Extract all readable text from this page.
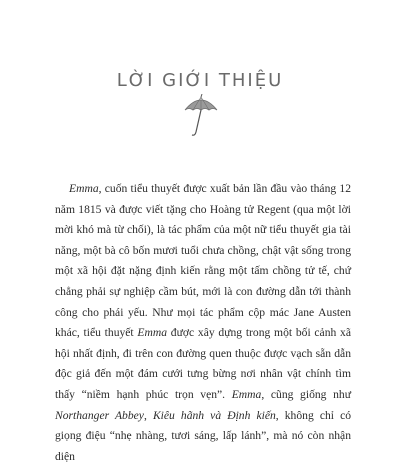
LỜI GIỚI THIỆU

Emma, cuốn tiểu thuyết được xuất bản lần đầu vào tháng 12 năm 1815 và được viết tặng cho Hoàng tử Regent (qua một lời mời khó mà từ chối), là tác phẩm của một nữ tiểu thuyết gia tài năng, một bà cô bốn mươi tuổi chưa chồng, chật vật sống trong một xã hội đặt nặng định kiến rằng một tấm chồng tử tế, chứ chẳng phải sự nghiệp cầm bút, mới là con đường dẫn tới thành công cho phái yếu. Như mọi tác phẩm cộp mác Jane Austen khác, tiểu thuyết Emma được xây dựng trong một bối cảnh xã hội nhất định, đi trên con đường quen thuộc được vạch sẵn dẫn độc giả đến một đám cưới tưng bừng nơi nhân vật chính tìm thấy “niềm hạnh phúc trọn vẹn”. Emma, cũng giống như Northanger Abbey, Kiêu hãnh và Định kiến, không chỉ có giọng điệu “nhẹ nhàng, tươi sáng, lấp lánh”, mà nó còn nhận diện
